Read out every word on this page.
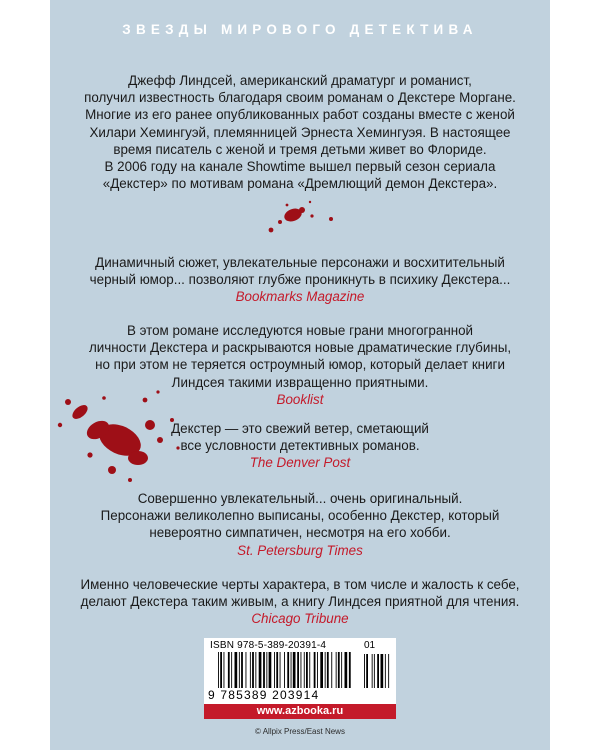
ЗВЕЗДЫ МИРОВОГО ДЕТЕКТИВА
Джефф Линдсей, американский драматург и романист,
получил известность благодаря своим романам о Декстере Моргане.
Многие из его ранее опубликованных работ созданы вместе с женой
Хилари Хемингуэй, племянницей Эрнеста Хемингуэя. В настоящее
время писатель с женой и тремя детьми живет во Флориде.
В 2006 году на канале Showtime вышел первый сезон сериала
«Декстер» по мотивам романа «Дремлющий демон Декстера».
Динамичный сюжет, увлекательные персонажи и восхитительный
черный юмор... позволяют глубже проникнуть в психику Декстера...
Bookmarks Magazine
В этом романе исследуются новые грани многогранной
личности Декстера и раскрываются новые драматические глубины,
но при этом не теряется остроумный юмор, который делает книги
Линдсея такими извращенно приятными.
Booklist
Декстер — это свежий ветер, сметающий
все условности детективных романов.
The Denver Post
Совершенно увлекательный... очень оригинальный.
Персонажи великолепно выписаны, особенно Декстер, который
невероятно симпатичен, несмотря на его хобби.
St. Petersburg Times
Именно человеческие черты характера, в том числе и жалость к себе,
делают Декстера таким живым, а книгу Линдсея приятной для чтения.
Chicago Tribune
ISBN 978-5-389-20391-4	01
9 785389 203914
www.azbooka.ru
© Allpix Press/East News
